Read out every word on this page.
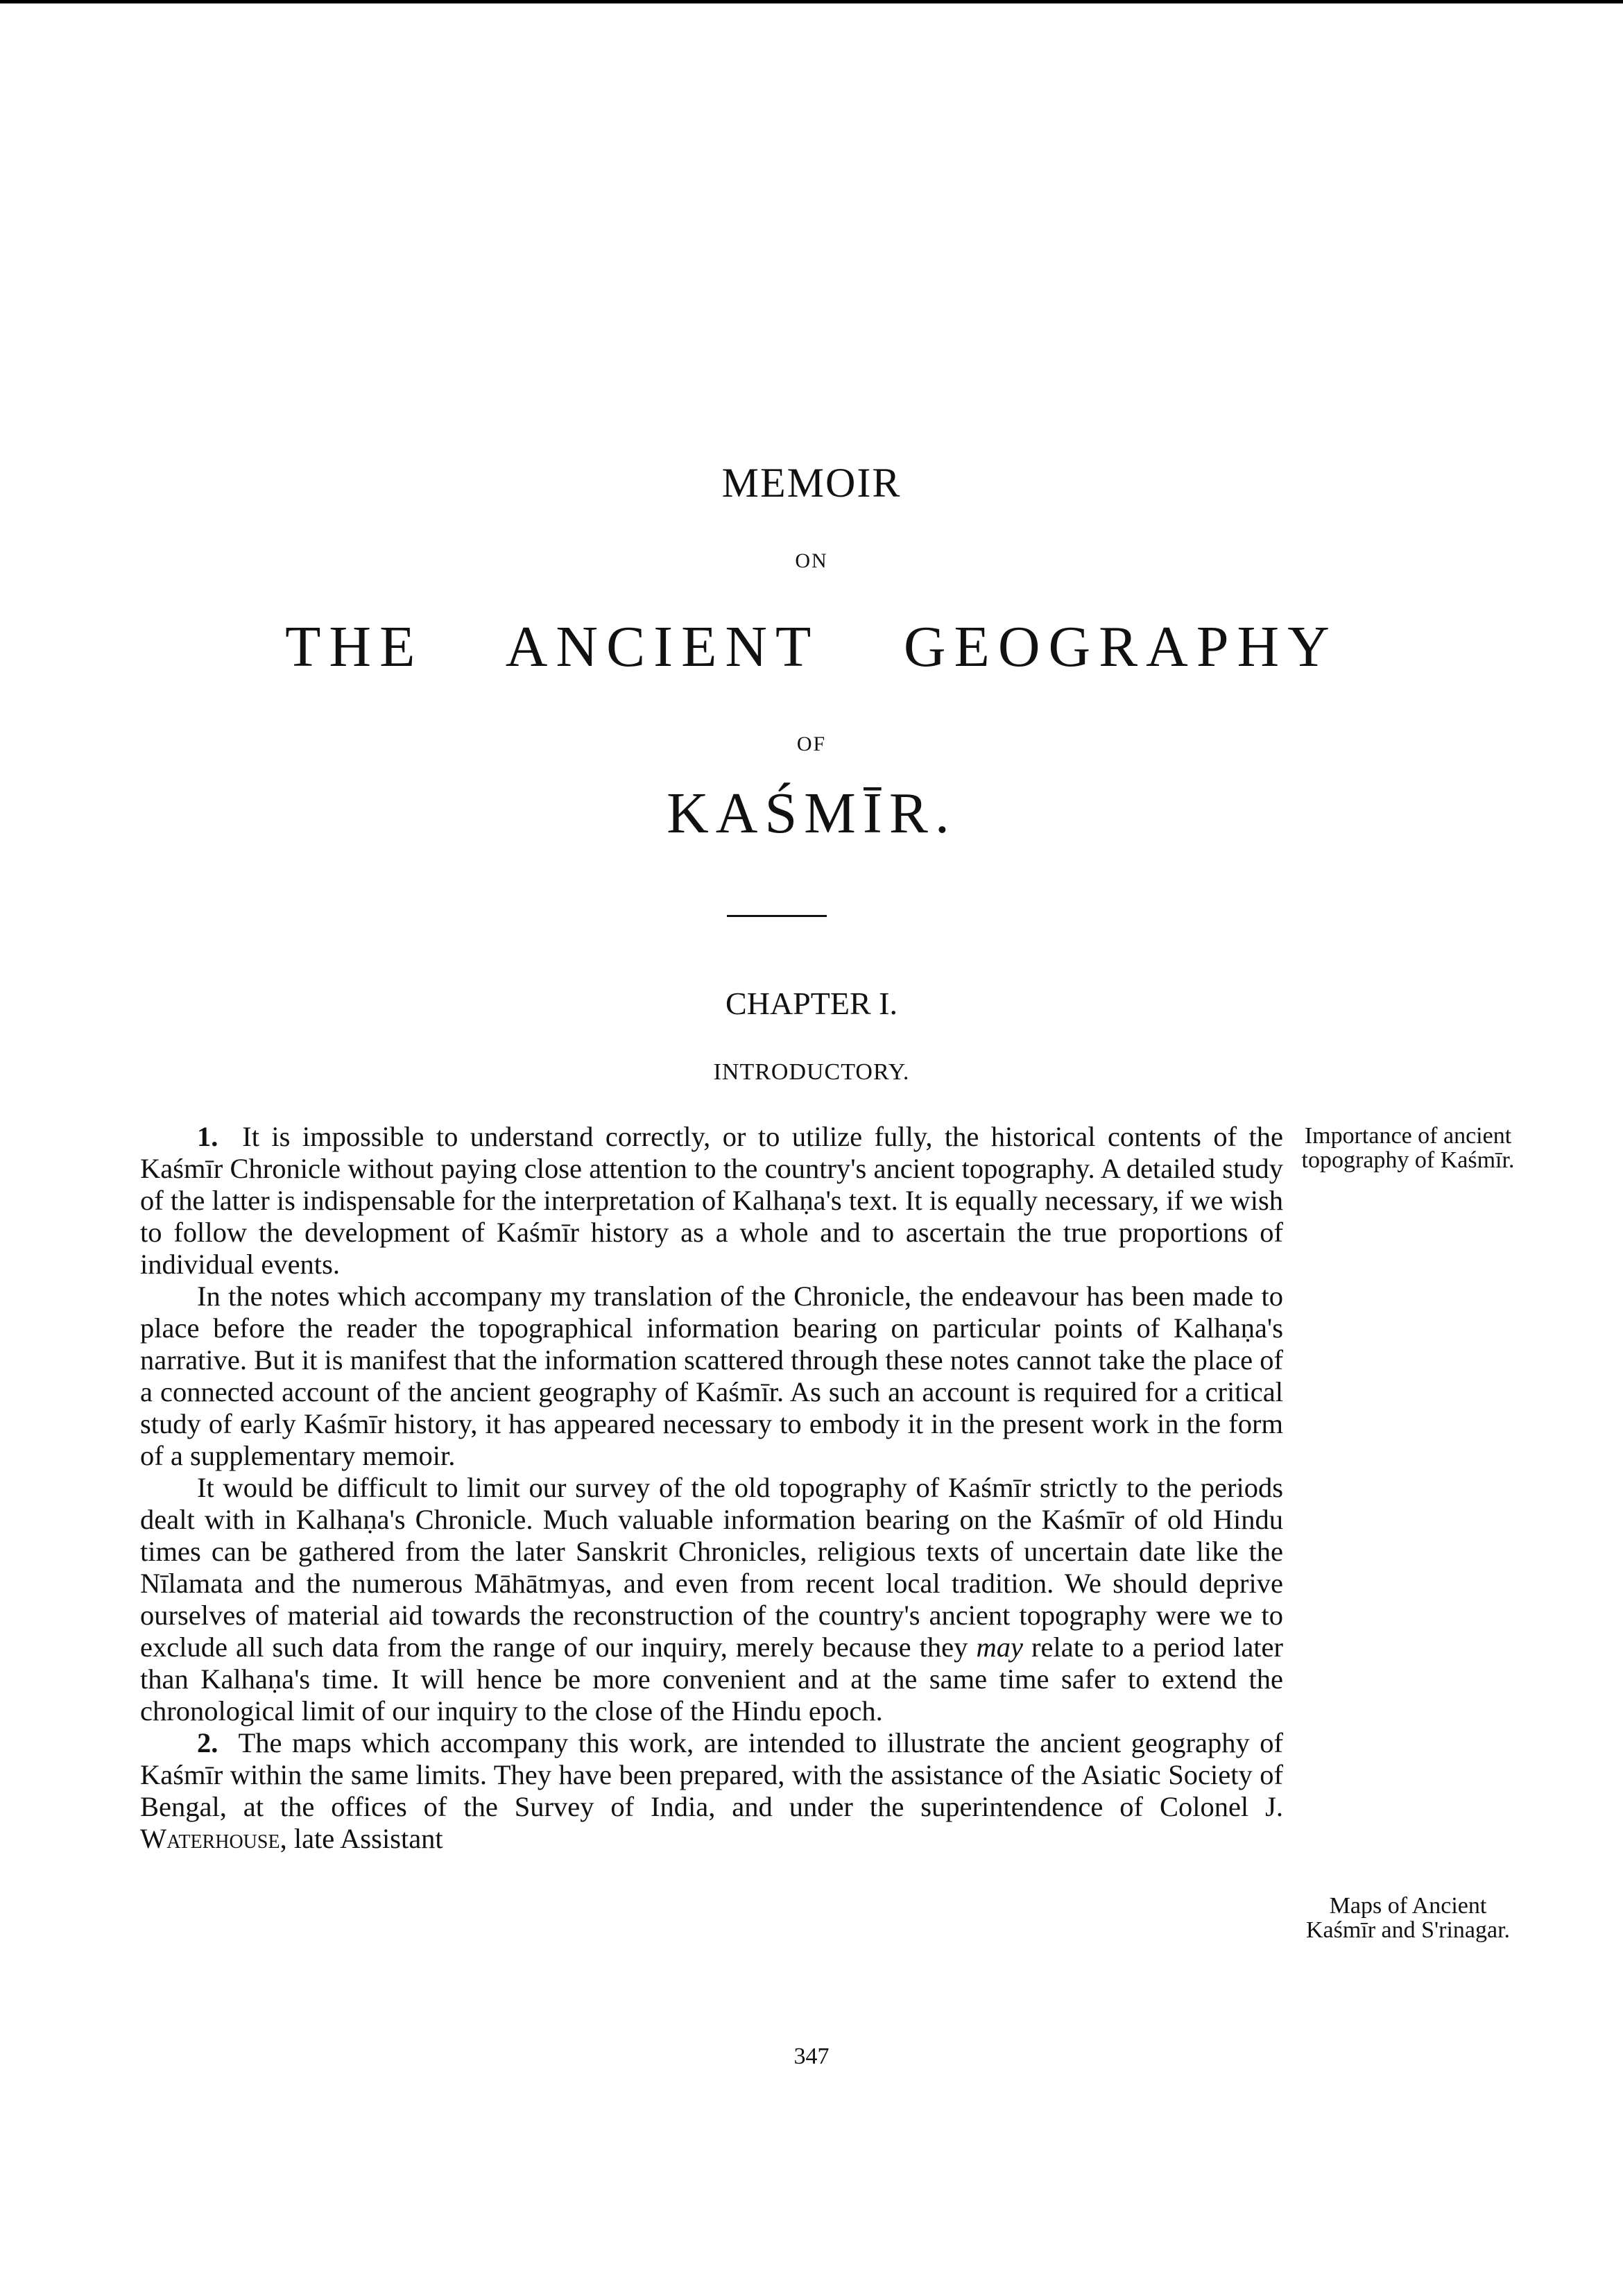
MEMOIR
ON
THE ANCIENT GEOGRAPHY
OF
KAŚMĪR.
CHAPTER I.
INTRODUCTORY.

1. It is impossible to understand correctly, or to utilize fully, the historical contents of the Kaśmīr Chronicle without paying close attention to the country's ancient topography. A detailed study of the latter is indispensable for the interpretation of Kalhaṇa's text. It is equally necessary, if we wish to follow the development of Kaśmīr history as a whole and to ascertain the true proportions of individual events.

In the notes which accompany my translation of the Chronicle, the endeavour has been made to place before the reader the topographical information bearing on particular points of Kalhaṇa's narrative. But it is manifest that the information scattered through these notes cannot take the place of a connected account of the ancient geography of Kaśmīr. As such an account is required for a critical study of early Kaśmīr history, it has appeared necessary to embody it in the present work in the form of a supplementary memoir.

It would be difficult to limit our survey of the old topography of Kaśmīr strictly to the periods dealt with in Kalhaṇa's Chronicle. Much valuable information bearing on the Kaśmīr of old Hindu times can be gathered from the later Sanskrit Chronicles, religious texts of uncertain date like the Nīlamata and the numerous Māhātmyas, and even from recent local tradition. We should deprive ourselves of material aid towards the reconstruction of the country's ancient topography were we to exclude all such data from the range of our inquiry, merely because they may relate to a period later than Kalhaṇa's time. It will hence be more convenient and at the same time safer to extend the chronological limit of our inquiry to the close of the Hindu epoch.

2. The maps which accompany this work, are intended to illustrate the ancient geography of Kaśmīr within the same limits. They have been prepared, with the assistance of the Asiatic Society of Bengal, at the offices of the Survey of India, and under the superintendence of Colonel J. Waterhouse, late Assistant

Importance of ancient topography of Kaśmīr.
Maps of Ancient Kaśmīr and S'rinagar.
347
